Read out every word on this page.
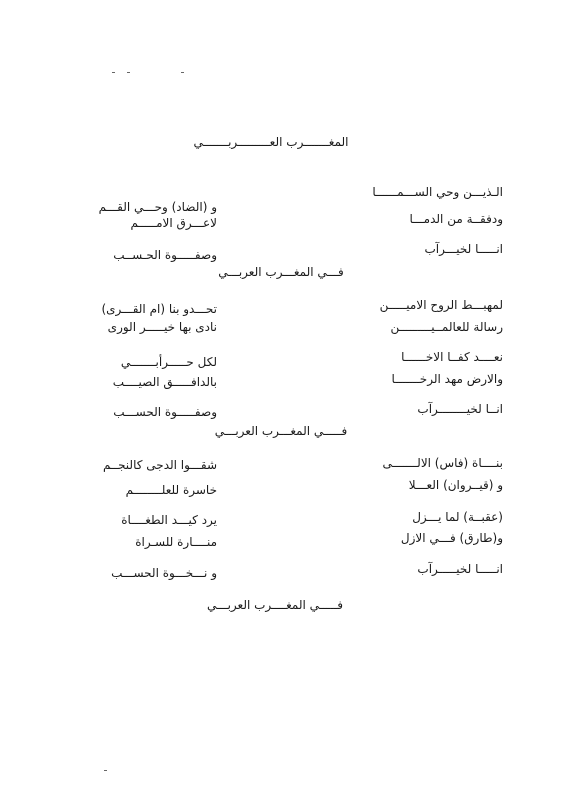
المغـــــــرب العـــــــــربـــــــي
الـذيـــن وحي الســـمــــــا
و (الضاد) وحـــي القـــم
ودفقــة من الدمـــا
لاعـــرق الامـــــم
انـــــا لخيـــرآب
وصفـــــوة الحـســب
فـــي المغـــرب العربـــي
لمهبـــط الروح الاميـــــن
تحـــدو بنا (ام القـــرى)
رسالة للعالمــيـــــــــن
نادى بها خيـــــر الورى
نعــــد كفــا الاخــــــا
لكل حـــــرأبـــــــي
والارض مهد الرخـــــــا
بالدافـــــق الصيــــب
انــا لخيــــــــرآب
وصفـــــوة الحســـب
فـــــي المغـــرب العربـــي
بنــــاة (فاس) الالـــــــى
شقـــوا الدجى كالنجــم
و (قيــروان) العـــلا
خاسرة للعلــــــــم
(عقبــة) لما يـــزل
يرد كيـــد الطغــــاة
و(طارق) فـــي الازل
منــــارة للسـراة
انـــــا لخيـــــرآب
و نـــخـــوة الحســـب
فـــــي المغــــرب العربـــي
